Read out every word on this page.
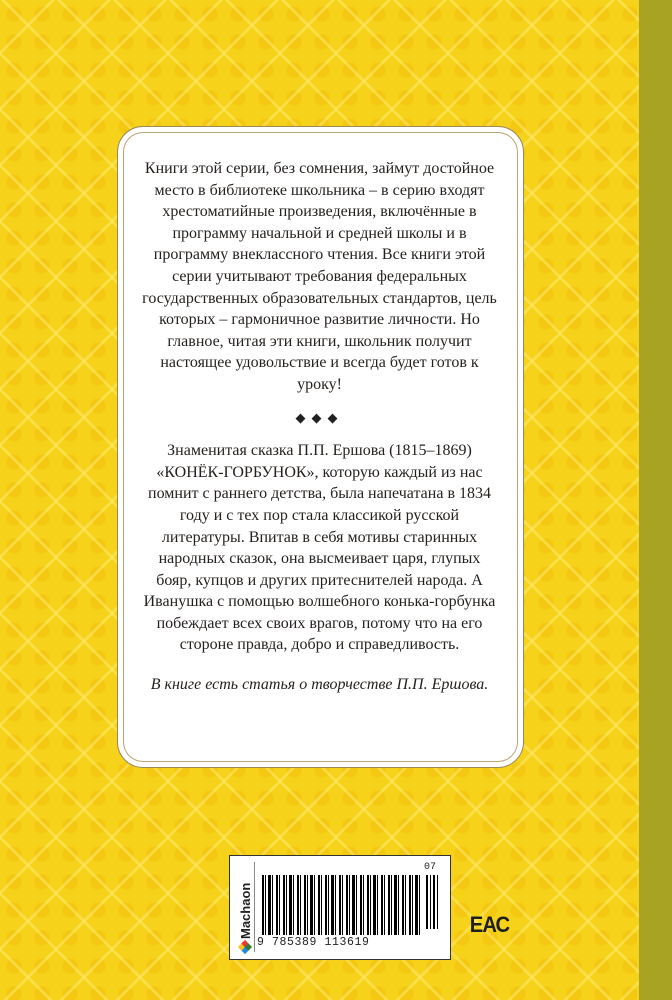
Книги этой серии, без сомнения, займут достойное место в библиотеке школьника – в серию входят хрестоматийные произведения, включённые в программу начальной и средней школы и в программу внеклассного чтения. Все книги этой серии учитывают требования федеральных государственных образовательных стандартов, цель которых – гармоничное развитие личности. Но главное, читая эти книги, школьник получит настоящее удовольствие и всегда будет готов к уроку!

◆◆◆

Знаменитая сказка П.П. Ершова (1815–1869) «КОНЁК-ГОРБУНОК», которую каждый из нас помнит с раннего детства, была напечатана в 1834 году и с тех пор стала классикой русской литературы. Впитав в себя мотивы старинных народных сказок, она высмеивает царя, глупых бояр, купцов и других притеснителей народа. А Иванушка с помощью волшебного конька-горбунка побеждает всех своих врагов, потому что на его стороне правда, добро и справедливость.

В книге есть статья о творчестве П.П. Ершова.

Machaon
07
9 785389 113619
ЕАС
